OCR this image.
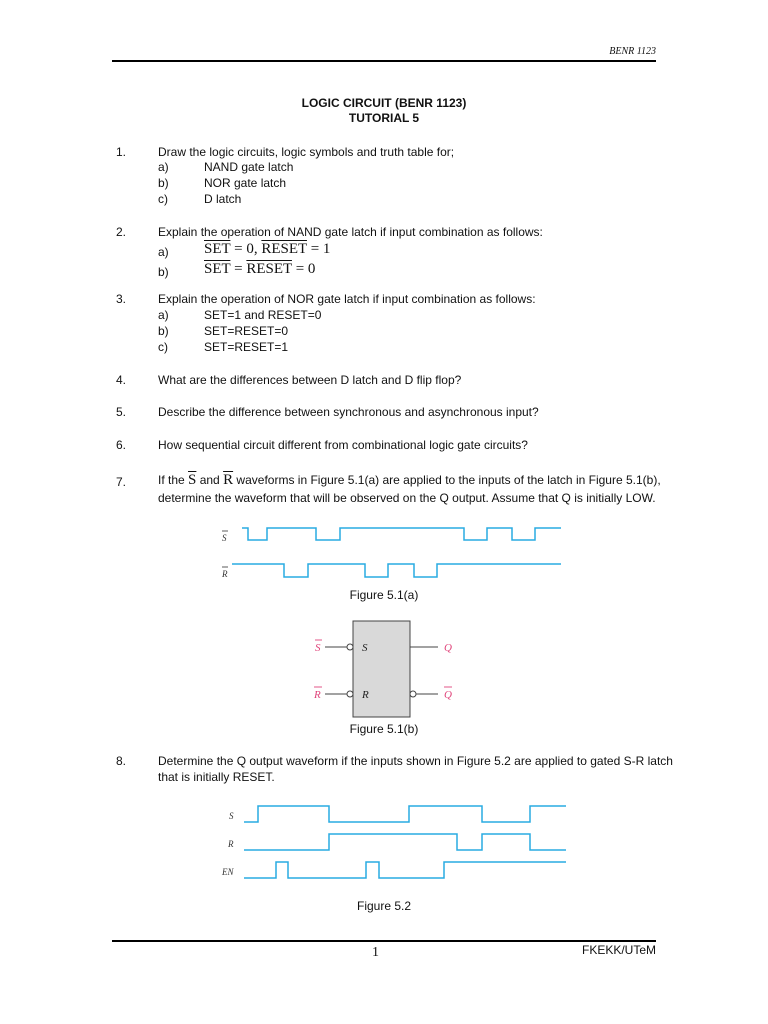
BENR 1123
LOGIC CIRCUIT (BENR 1123)
TUTORIAL 5
1.	Draw the logic circuits, logic symbols and truth table for;
a)	NAND gate latch
b)	NOR gate latch
c)	D latch
2.	Explain the operation of NAND gate latch if input combination as follows:
a) $\overline{SET} = 0$, RESET = 1
b) $\overline{SET}$ = RESET = 0
3.	Explain the operation of NOR gate latch if input combination as follows:
a)	SET=1 and RESET=0
b)	SET=RESET=0
c)	SET=RESET=1
4.	What are the differences between D latch and D flip flop?
5.	Describe the difference between synchronous and asynchronous input?
6.	How sequential circuit different from combinational logic gate circuits?
7.	If the $\overline{S}$ and $\overline{R}$ waveforms in Figure 5.1(a) are applied to the inputs of the latch in Figure 5.1(b),
determine the waveform that will be observed on the Q output. Assume that Q is initially LOW.
S
R
Figure 5.1(a)
S	S
R	R
Q
Q
Figure 5.1(b)
8.	Determine the Q output waveform if the inputs shown in Figure 5.2 are applied to gated S-R latch
that is initially RESET.
S
R
EN
Figure 5.2
1	FKEKK/UTeM
